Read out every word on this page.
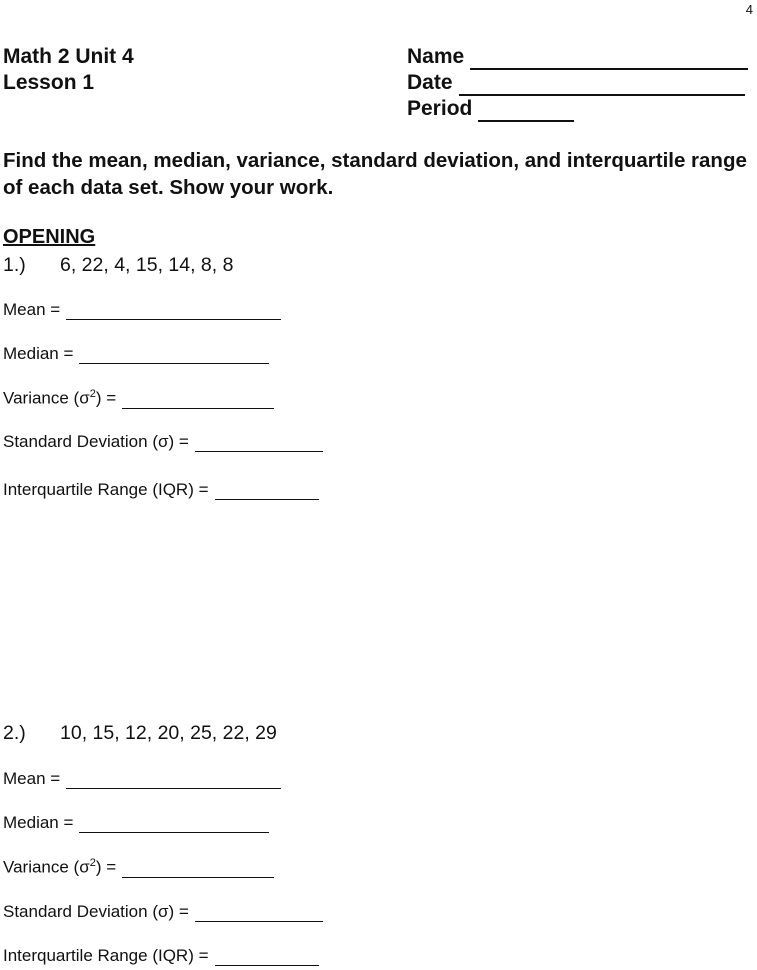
4
Math 2 Unit 4
Lesson 1
Name
Date
Period
Find the mean, median, variance, standard deviation, and interquartile range of each data set. Show your work.
OPENING
1.) 6, 22, 4, 15, 14, 8, 8
Mean =
Median =
Variance $(\sigma^2)$ =
Standard Deviation (σ) =
Interquartile Range (IQR) =
2.) 10, 15, 12, 20, 25, 22, 29
Mean =
Median =
Variance $(\sigma^2)$ =
Standard Deviation (σ) =
Interquartile Range (IQR) =
